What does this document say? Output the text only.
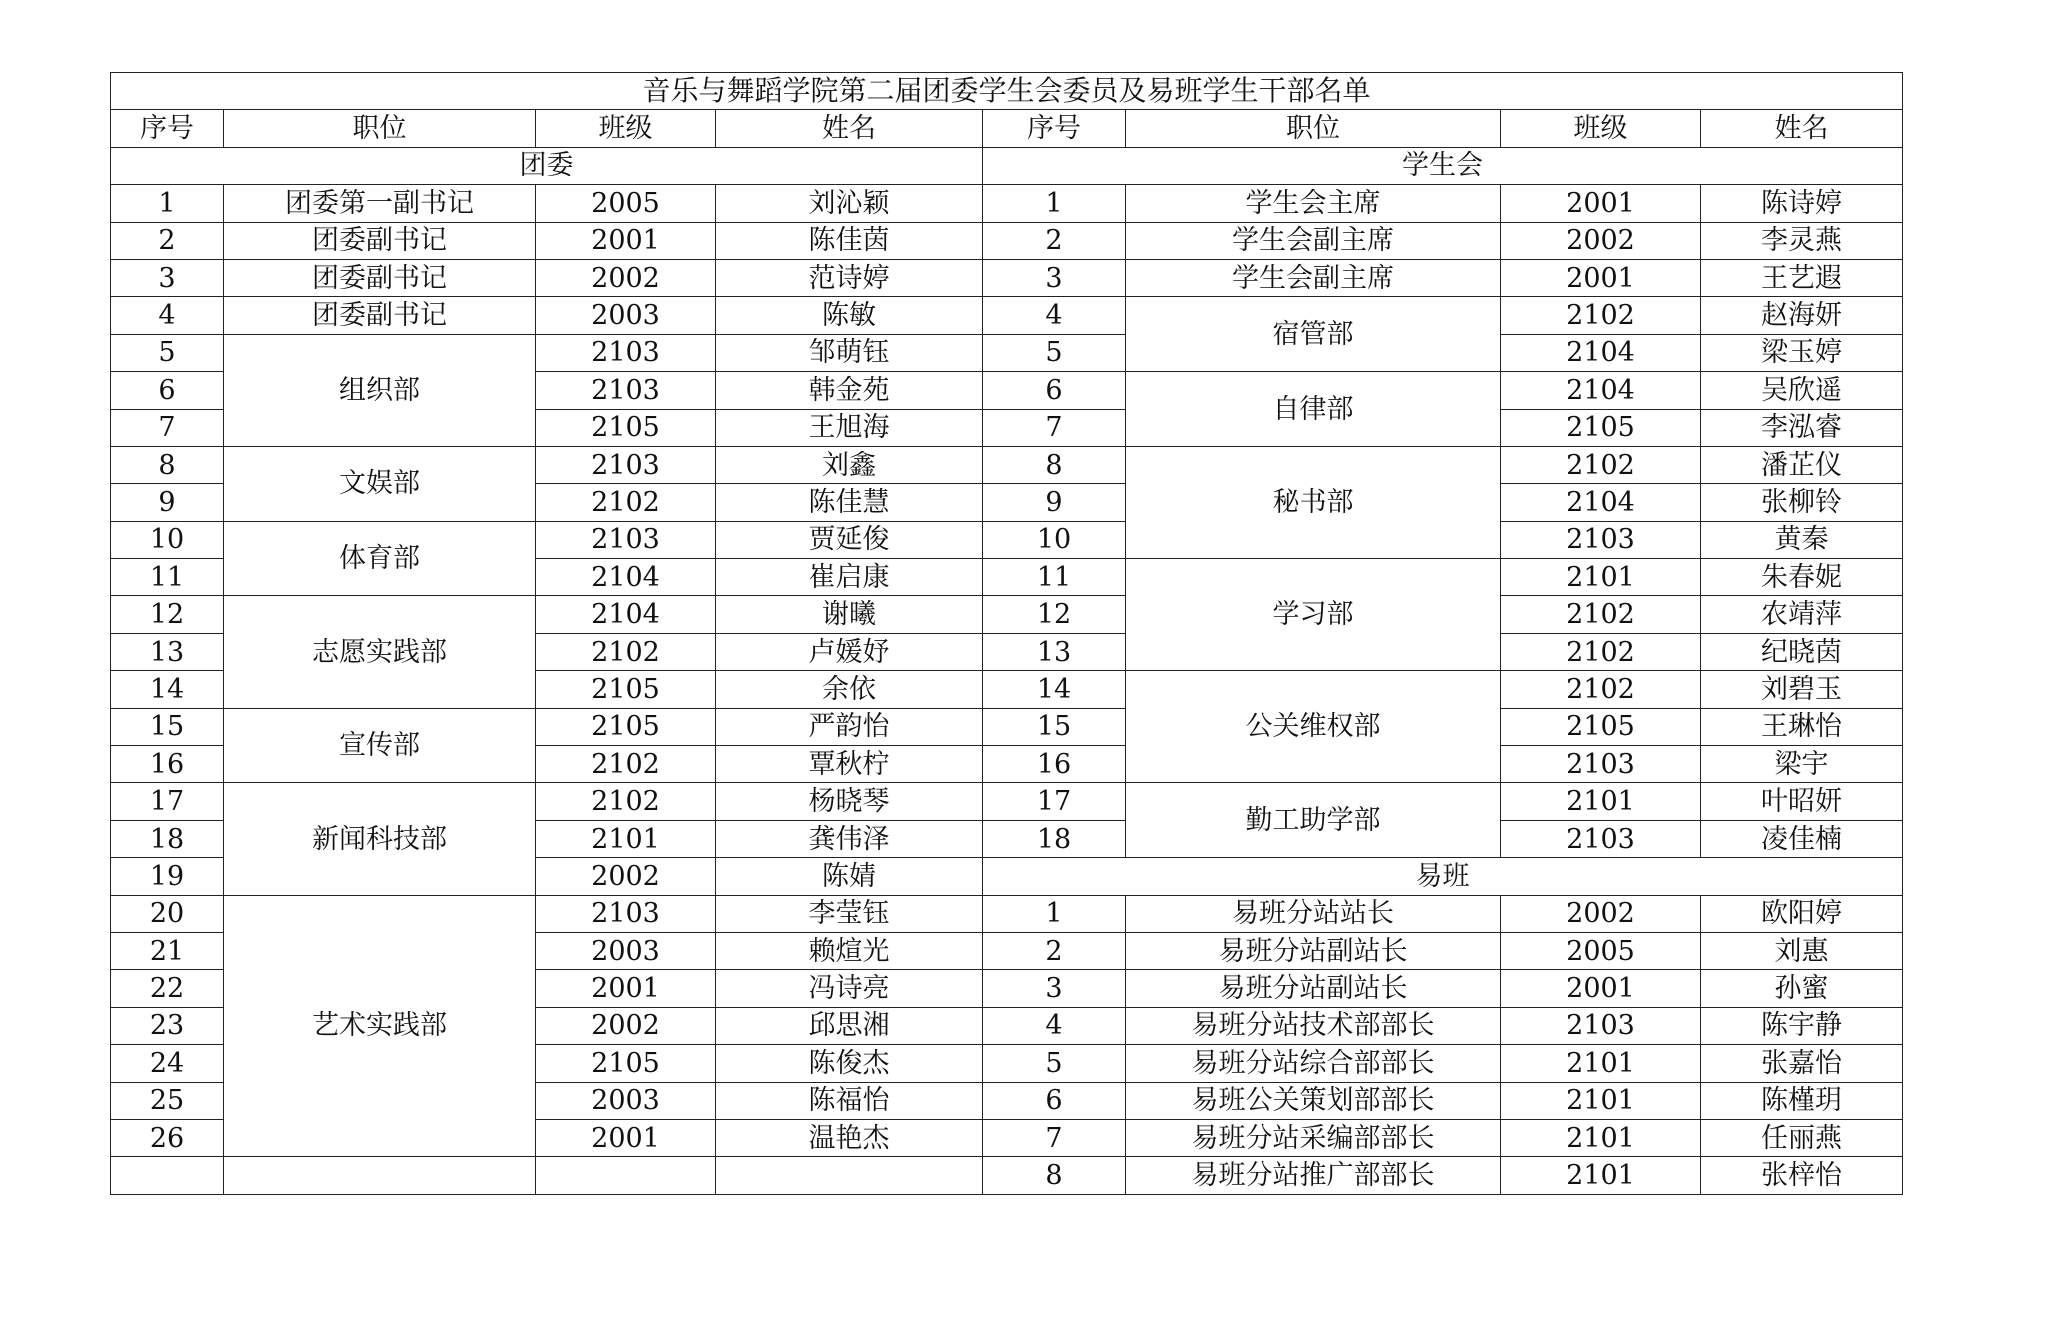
音乐与舞蹈学院第二届团委学生会委员及易班学生干部名单							
序号	职位	班级	姓名	序号	职位	班级	姓名
团委				学生会			
1	团委第一副书记	2005	刘沁颖	1	学生会主席	2001	陈诗婷
2	团委副书记	2001	陈佳茵	2	学生会副主席	2002	李灵燕
3	团委副书记	2002	范诗婷	3	学生会副主席	2001	王艺遐
4	团委副书记	2003	陈敏	4	宿管部	2102	赵海妍
5	组织部	2103	邹萌钰	5		2104	梁玉婷
6		2103	韩金苑	6	自律部	2104	吴欣遥
7		2105	王旭海	7		2105	李泓睿
8	文娱部	2103	刘鑫	8	秘书部	2102	潘芷仪
9		2102	陈佳慧	9		2104	张柳铃
10	体育部	2103	贾延俊	10		2103	黄秦
11		2104	崔启康	11	学习部	2101	朱春妮
12	志愿实践部	2104	谢曦	12		2102	农靖萍
13		2102	卢媛妤	13		2102	纪晓茵
14		2105	余依	14	公关维权部	2102	刘碧玉
15	宣传部	2105	严韵怡	15		2105	王琳怡
16		2102	覃秋柠	16		2103	梁宇
17	新闻科技部	2102	杨晓琴	17	勤工助学部	2101	叶昭妍
18		2101	龚伟泽	18		2103	凌佳楠
19		2002	陈婧	易班			
20	艺术实践部	2103	李莹钰	1	易班分站站长	2002	欧阳婷
21		2003	赖煊光	2	易班分站副站长	2005	刘惠
22		2001	冯诗亮	3	易班分站副站长	2001	孙蜜
23		2002	邱思湘	4	易班分站技术部部长	2103	陈宇静
24		2105	陈俊杰	5	易班分站综合部部长	2101	张嘉怡
25		2003	陈福怡	6	易班公关策划部部长	2101	陈槿玥
26		2001	温艳杰	7	易班分站采编部部长	2101	任丽燕
				8	易班分站推广部部长	2101	张梓怡
